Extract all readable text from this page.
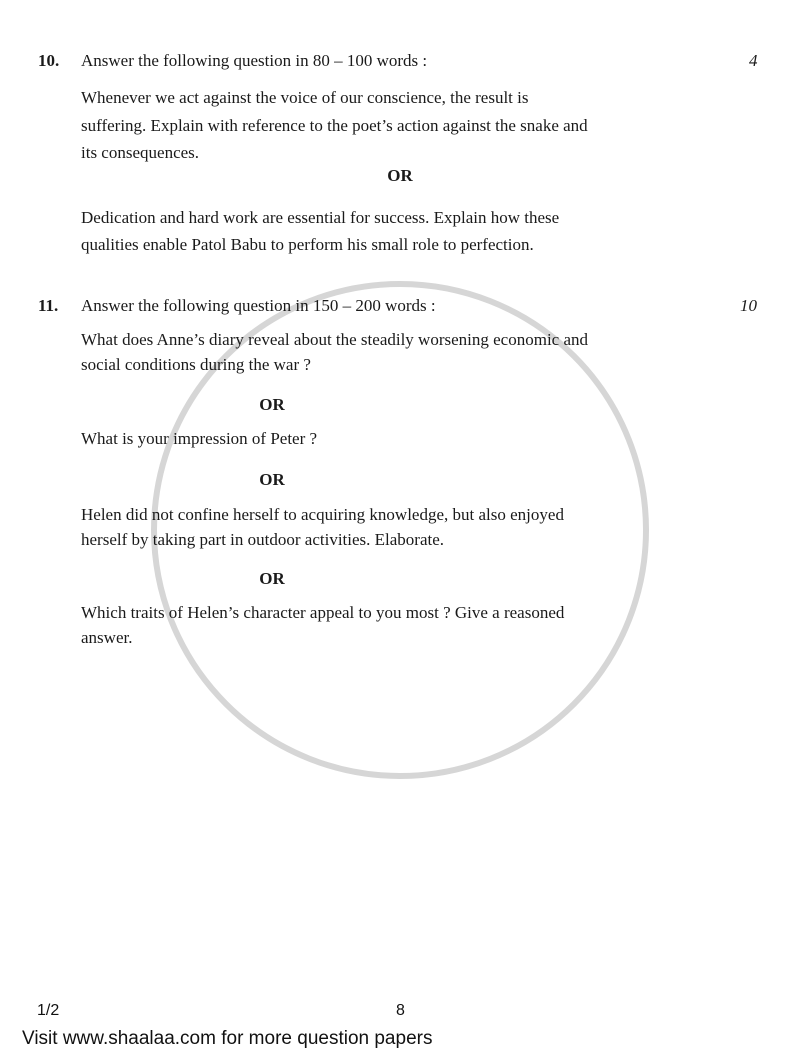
10. Answer the following question in 80 – 100 words :	4
Whenever we act against the voice of our conscience, the result is
suffering. Explain with reference to the poet’s action against the snake and
its consequences.
OR
Dedication and hard work are essential for success. Explain how these
qualities enable Patol Babu to perform his small role to perfection.
11. Answer the following question in 150 – 200 words :	10
What does Anne’s diary reveal about the steadily worsening economic and
social conditions during the war ?
OR
What is your impression of Peter ?
OR
Helen did not confine herself to acquiring knowledge, but also enjoyed
herself by taking part in outdoor activities. Elaborate.
OR
Which traits of Helen’s character appeal to you most ? Give a reasoned
answer.
1/2	8
Visit www.shaalaa.com for more question papers
